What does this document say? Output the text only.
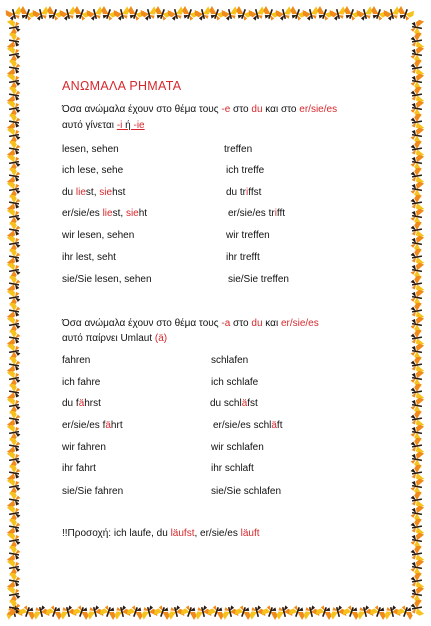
ΑΝΩΜΑΛΑ ΡΗΜΑΤΑ
Όσα ανώμαλα έχουν στο θέμα τους -e στο du και στο er/sie/es
αυτό γίνεται -i ή -ie
lesen, sehen	treffen
ich lese, sehe	ich treffe
du liest, siehst	du triffst
er/sie/es liest, sieht	er/sie/es trifft
wir lesen, sehen	wir treffen
ihr lest, seht	ihr trefft
sie/Sie lesen, sehen	sie/Sie treffen
Όσα ανώμαλα έχουν στο θέμα τους -a στο du και er/sie/es
αυτό παίρνει Umlaut (ä)
fahren	schlafen
ich fahre	ich schlafe
du fährst	du schläfst
er/sie/es fährt	er/sie/es schläft
wir fahren	wir schlafen
ihr fahrt	ihr schlaft
sie/Sie fahren	sie/Sie schlafen
!!Προσοχή: ich laufe, du läufst, er/sie/es läuft
